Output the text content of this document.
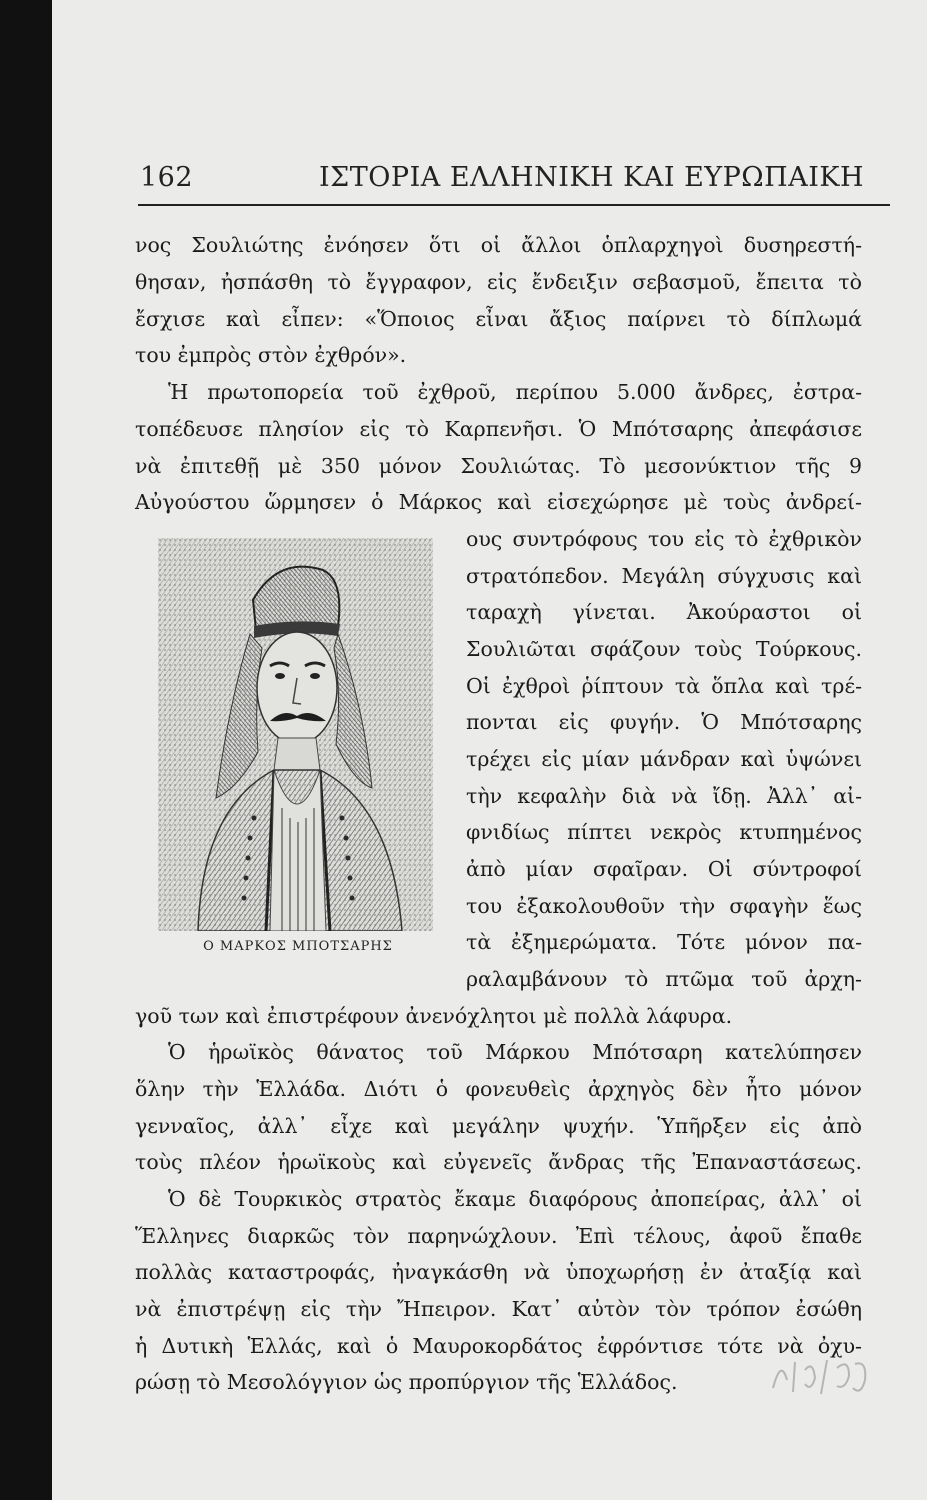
162	ΙΣΤΟΡΙΑ ΕΛΛΗΝΙΚΗ ΚΑΙ ΕΥΡΩΠΑΙΚΗ
νος Σουλιώτης ἐνόησεν ὅτι οἱ ἄλλοι ὁπλαρχηγοὶ δυσηρεστή-
θησαν, ἠσπάσθη τὸ ἔγγραφον, εἰς ἔνδειξιν σεβασμοῦ, ἔπειτα τὸ
ἔσχισε καὶ εἶπεν: «Ὅποιος εἶναι ἄξιος παίρνει τὸ δίπλωμά
του ἐμπρὸς στὸν ἐχθρόν».
Ἡ πρωτοπορεία τοῦ ἐχθροῦ, περίπου 5.000 ἄνδρες, ἐστρα-
τοπέδευσε πλησίον εἰς τὸ Καρπενῆσι. Ὁ Μπότσαρης ἀπεφάσισε
νὰ ἐπιτεθῇ μὲ 350 μόνον Σουλιώτας. Τὸ μεσονύκτιον τῆς 9
Αὐγούστου ὥρμησεν ὁ Μάρκος καὶ εἰσεχώρησε μὲ τοὺς ἀνδρεί-
ους συντρόφους του εἰς τὸ ἐχθρικὸν
στρατόπεδον. Μεγάλη σύγχυσις καὶ
ταραχὴ γίνεται. Ἀκούραστοι οἱ
Σουλιῶται σφάζουν τοὺς Τούρκους.
Οἱ ἐχθροὶ ῥίπτουν τὰ ὅπλα καὶ τρέ-
πονται εἰς φυγήν. Ὁ Μπότσαρης
τρέχει εἰς μίαν μάνδραν καὶ ὑψώνει
τὴν κεφαλὴν διὰ νὰ ἴδῃ. Ἀλλ᾿ αἰ-
φνιδίως πίπτει νεκρὸς κτυπημένος
ἀπὸ μίαν σφαῖραν. Οἱ σύντροφοί
του ἐξακολουθοῦν τὴν σφαγὴν ἕως
τὰ ἐξημερώματα. Τότε μόνον πα-
ραλαμβάνουν τὸ πτῶμα τοῦ ἀρχη-
γοῦ των καὶ ἐπιστρέφουν ἀνενόχλητοι μὲ πολλὰ λάφυρα.
Ὁ ἡρωϊκὸς θάνατος τοῦ Μάρκου Μπότσαρη κατελύπησεν
ὅλην τὴν Ἑλλάδα. Διότι ὁ φονευθεὶς ἀρχηγὸς δὲν ἦτο μόνον
γενναῖος, ἀλλ᾿ εἶχε καὶ μεγάλην ψυχήν. Ὑπῆρξεν εἰς ἀπὸ
τοὺς πλέον ἡρωϊκοὺς καὶ εὐγενεῖς ἄνδρας τῆς Ἐπαναστάσεως.
Ὁ δὲ Τουρκικὸς στρατὸς ἔκαμε διαφόρους ἀποπείρας, ἀλλ᾿ οἱ
Ἕλληνες διαρκῶς τὸν παρηνώχλουν. Ἐπὶ τέλους, ἀφοῦ ἔπαθε
πολλὰς καταστροφάς, ἠναγκάσθη νὰ ὑποχωρήσῃ ἐν ἀταξίᾳ καὶ
νὰ ἐπιστρέψῃ εἰς τὴν Ἤπειρον. Κατ᾿ αὐτὸν τὸν τρόπον ἐσώθη
ἡ Δυτικὴ Ἑλλάς, καὶ ὁ Μαυροκορδάτος ἐφρόντισε τότε νὰ ὀχυ-
ρώσῃ τὸ Μεσολόγγιον ὡς προπύργιον τῆς Ἑλλάδος.
Ο ΜΑΡΚΟΣ ΜΠΟΤΣΑΡΗΣ
